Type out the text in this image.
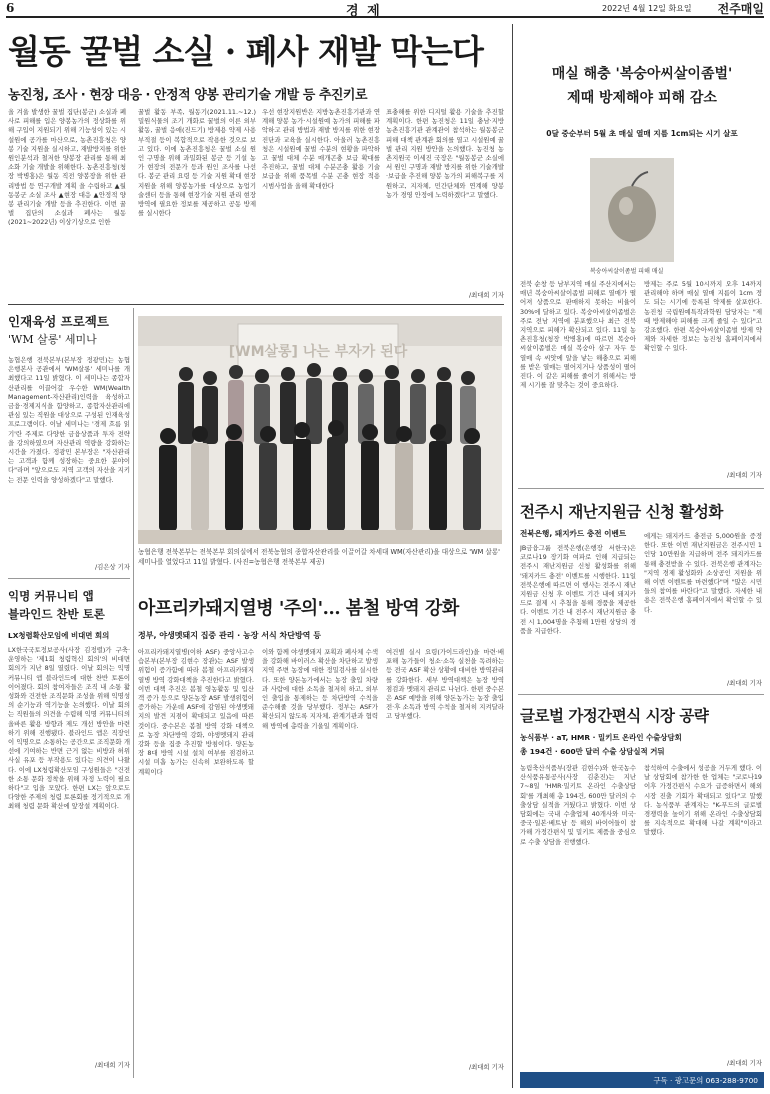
6	경 제	2022년 4월 12일 화요일 전주매일
월동 꿀벌 소실 · 폐사 재발 막는다
농진청, 조사 · 현장 대응 · 안정적 양봉 관리기술 개발 등 추진키로
올 겨울 발생한 꿀벌 집단(봉군) 소실과 폐사로 피해를 입은 양봉농가의 정상화를 위해 구입이 지원되기 위해 기능성이 있는 시설원에 공가를 마산으로, 농촌진흥청은 양봉 기술 지원을 실시하고, 재발방지를 위한 원인분석과 철저한 양봉장 관리를 통해 최소화 기술 개발을 위해한다. 농촌진흥청(청장 박병홍)은 월동 직전 양봉장을 위한 관리방법 등 연구개발 계획 을 수립하고 ▲월동봉군 소실 조사 ▲현장 대응 ▲안정적 양봉 관리기술 개발 등을 추진한다. 이번 꿀벌 집단의 소실과 폐사는 월동(2021~2022년) 이상기상으로 인한
꿀벌 활동 부족, 월동기(2021.11.~12.) 밀원식물의 조기 개화로 꿀벌의 이른 외부 활동, 꿀벌 응애(진드기) 방제용 약제 사용 부적절 등이 복합적으로 작용한 것으로 보고 있다. 이에 농촌진흥청은 꿀벌 소실 원인 구명을 위해 과밀화된 봉군 등 기설 농가 현장의 전문가 등과 원인 조사를 나선다. 봉군 관리 요령 등 기술 지원 확대 현장 지원을 위해 양봉농가를 대상으로 농업기술센터 등을 통해 현장기술 지원 관리 현장 방역에 필요한 정보를 제공하고 공동 방제를 실시한다
우선 현장지원반은 지방농촌진흥기관과 연계해 양봉 농가·시설원예 농가의 피해를 파악하고 관리 방법과 재발 방지를 위한 현장 진단과 교육을 실시한다. 아울러 농촌진흥청은 시설원예 꿀벌 수분의 현황을 파악하고 꿀벌 대체 수분 매개곤충 보급 확대를 추진하고, 꿀벌 대체 수분곤충 활용 기술 보급을 위해 품목별 수분 곤충 현장 적용 시범사업을 올해 확대한다
표충해를 위한 디지털 활용 기술을 추진할 계획이다. 한편 농진청은 11일 충남·지방 농촌진흥기관 관계관이 참석하는 월동봉군 피해 대책 관계관 회의를 열고 시설원예 꿀벌 관리 지원 방안을 논의했다. 농진청 농촌지원국 이세진 국장은 "월동봉군 소실에서 원인 구명과 재발 방지를 위한 기술개발·보급을 추진해 양봉 농가의 피해복구를 지원하고, 지자체, 민간단체와 연계해 양봉 농가 경영 안정에 노력하겠다"고 말했다.
/최대희 기자
인재육성 프로젝트
'WM 살롱' 세미나
농협은행 전북본부(본부장 정광민)는 농협은행본사 공관에서 'WM살롱' 세미나를 개최했다고 11일 밝혔다. 이 세미나는 종합자산관리를 이끌어갈 우수한 WM(Wealth Management-자산관리)인력을 육성하고 금융·경제지식을 함양하고, 종합자산관리에 관심 있는 직원을 대상으로 구성된 인재육성 프로그램이다. 이날 세미나는 '경제 흐름 읽기'란 주제로 다양한 금융상품과 투자 전략을 강의하였으며 자산관리 역량을 강화하는 시간을 가졌다. 정광민 본부장은 "자산관리는 고객과 함께 성장하는 중요한 분야이다"라며 "앞으로도 지역 고객의 자산을 지키는 전문 인력을 양성하겠다"고 말했다.
/김은상 기자
[WM살롱] 나는 부자가 된다
농협은행 전북본부는 전북본부 회의실에서 전북농협의 종합자산관리를 이끌어갈 차세대 WM(자산관리)을 대상으로 'WM 살롱' 세미나를 열었다고 11일 밝혔다. (사진=농협은행 전북본부 제공)
익명 커뮤니티 앱
블라인드 찬반 토론
LX청렴확산모임에 비대면 회의
LX한국국토정보공사(사장 김정렬)가 구축·운영하는 '제1회 청렴혁신 회의'의 비대면 회의가 지난 8일 열렸다. 이날 회의는 익명 커뮤니티 앱 블라인드에 대한 찬반 토론이 이어졌다. 회의 참여자들은 조직 내 소통 활성화와 건전한 조직문화 조성을 위해 익명성의 순기능과 역기능을 논의했다. 이날 회의는 직원들의 의견을 수렴해 익명 커뮤니티의 올바른 활용 방향과 제도 개선 방안을 마련하기 위해 진행됐다. 블라인드 앱은 직장인이 익명으로 소통하는 공간으로 조직문화 개선에 기여하는 반면 근거 없는 비방과 허위 사실 유포 등 부작용도 있다는 의견이 나왔다. 이에 LX청렴확산모임 구성원들은 "건전한 소통 문화 정착을 위해 자정 노력이 필요하다"고 입을 모았다. 한편 LX는 앞으로도 다양한 주제의 청렴 토론회를 정기적으로 개최해 청렴 문화 확산에 앞장설 계획이다.
/최대희 기자
아프리카돼지열병 '주의'… 봄철 방역 강화
정부, 야생멧돼지 집중 관리 · 농장 서식 차단방역 등
아프리카돼지열병(이하 ASF) 중앙사고수습본부(본부장 김현수 장관)는 ASF 발생위험이 증가함에 따라 봄철 아프리카돼지열병 방역 강화대책을 추진한다고 밝혔다. 이번 대책 추진은 봄철 영농활동 및 입산객 증가 등으로 양돈농장 ASF 발생위험이 증가하는 가운데 ASF에 감염된 야생멧돼지의 발견 지점이 확대되고 있음에 따른 것이다. 중수본은 봄철 방역 강화 대책으로 농장 차단방역 강화, 야생멧돼지 관리 강화 등을 집중 추진할 방침이다. 양돈농장 8대 방역 시설 설치 여부를 점검하고 시설 미흡 농가는 신속히 보완하도록 할 계획이다
이와 함께 야생멧돼지 포획과 폐사체 수색을 강화해 바이러스 확산을 차단하고 발생 지역 주변 농장에 대한 정밀검사를 실시한다. 또한 양돈농가에서는 농장 출입 차량과 사람에 대한 소독을 철저히 하고, 외부인 출입을 통제하는 등 차단방역 수칙을 준수해줄 것을 당부했다. 정부는 ASF가 확산되지 않도록 지자체, 관계기관과 협력해 방역에 총력을 기울일 계획이다.
여건별 실시 요령(가이드라인)을 마련·배포해 농가들이 청소·소독 실천을 독려하는 등 전국 ASF 확산 상황에 대비한 방역관리를 강화한다. 세부 방역대책은 농장 방역 점검과 멧돼지 관리로 나뉜다. 한편 중수본은 ASF 예방을 위해 양돈농가는 농장 출입 전·후 소독과 방역 수칙을 철저히 지켜달라고 당부했다.
/최대희 기자
매실 해충 '복숭아씨살이좀벌'
제때 방제해야 피해 감소
0달 중순부터 5월 초 매실 열매 지름 1cm되는 시기 살포
복숭아씨살이좀벌 피해 매실
전북 순창 등 남부지역 매실 주산지에서는 매년 복숭아씨살이좀벌 피해로 열매가 떨어져 상품으로 판매하지 못하는 비율이 30%에 달하고 있다. 복숭아씨살이좀벌은 주로 전남 지역에 분포했으나 최근 전북 지역으로 피해가 확산되고 있다. 11일 농촌진흥청(청장 박병홍)에 따르면 복숭아씨살이좀벌은 매실 복숭아 살구 자두 등 열매 속 씨앗에 알을 낳는 해충으로 피해를 받은 열매는 떨어지거나 상품성이 떨어진다. 이 같은 피해를 줄이기 위해서는 방제 시기를 잘 맞추는 것이 중요하다.
방제는 주로 5월 10시까지 오후 14까지 관리해야 하며 매실 열매 지름이 1cm 정도 되는 시기에 등록된 약제를 살포한다. 농진청 국립원예특작과학원 담당자는 "제때 방제해야 피해를 크게 줄일 수 있다"고 강조했다. 한편 복숭아씨살이좀벌 방제 약제와 자세한 정보는 농진청 홈페이지에서 확인할 수 있다.
/최대희 기자
전주시 재난지원금 신청 활성화
전북은행, 돼지카드 충전 이벤트
JB금융그룹 전북은행(은행장 서한국)은 코로나19 장기화 여파로 인해 지급되는 전주시 재난지원금 신청 활성화를 위해 '돼지카드 충전' 이벤트를 시행한다. 11일 전북은행에 따르면 이 행사는 전주시 재난지원금 신청 후 이벤트 기간 내에 돼지카드로 결제 시 추첨을 통해 경품을 제공한다. 이벤트 기간 내 전주시 재난지원금 충전 시 1,004명을 추첨해 1만원 상당의 경품을 지급한다.
에게는 돼지카드 충전금 5,000원을 증정한다. 또한 이번 재난지원금은 전주시민 1인당 10만원을 지급하며 전주 돼지카드를 통해 충전받을 수 있다. 전북은행 관계자는 "지역 경제 활성화와 소상공인 지원을 위해 이번 이벤트를 마련했다"며 "많은 시민들의 참여를 바란다"고 말했다. 자세한 내용은 전북은행 홈페이지에서 확인할 수 있다.
/최대희 기자
글로벌 가정간편식 시장 공략
농식품부 · aT, HMR · 밀키트 온라인 수출상담회
총 194건 · 600만 달러 수출 상담실적 거둬
농림축산식품부(장관 김현수)와 한국농수산식품유통공사(사장 김춘진)는 지난 7~8일 'HMR·밀키트 온라인 수출상담회'를 개최해 총 194건, 600만 달러의 수출상담 실적을 거뒀다고 밝혔다. 이번 상담회에는 국내 수출업체 40개사와 미국·중국·일본·베트남 등 해외 바이어들이 참가해 가정간편식 및 밀키트 제품을 중심으로 수출 상담을 진행했다.
참석하여 수출에서 성공을 거두게 했다. 이날 상담회에 참가한 한 업체는 "코로나19 이후 가정간편식 수요가 급증하면서 해외 시장 진출 기회가 확대되고 있다"고 말했다. 농식품부 관계자는 "K-푸드의 글로벌 경쟁력을 높이기 위해 온라인 수출상담회를 지속적으로 확대해 나갈 계획"이라고 말했다.
/최대희 기자
구독 · 광고문의 063-288-9700
